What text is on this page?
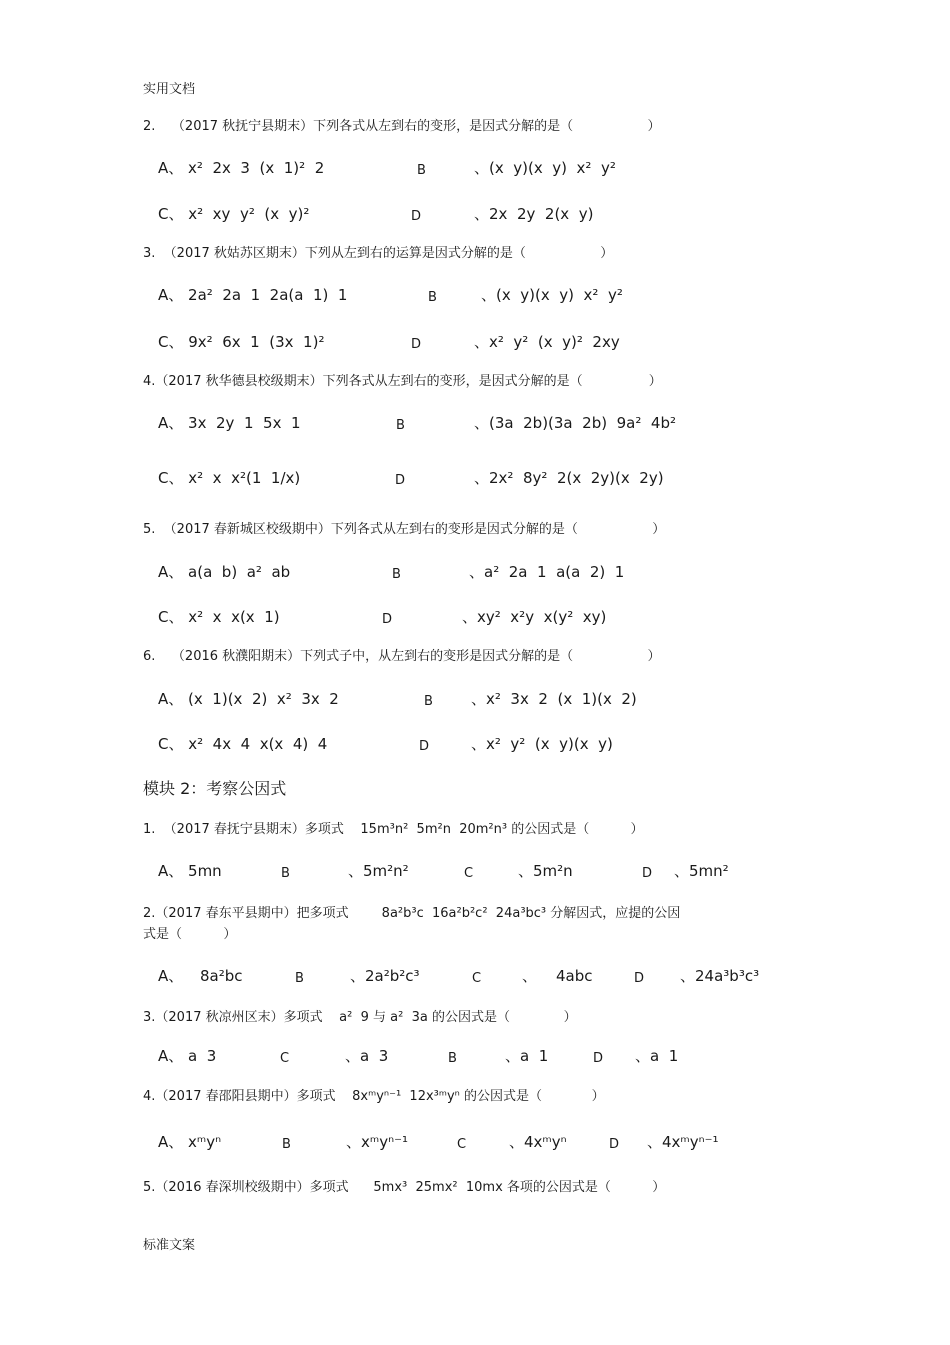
实用文档
2.    （2017 秋抚宁县期末）下列各式从左到右的变形，是因式分解的是（                  ）
A、 x²  2x  3  (x  1)²  2	B	、(x  y)(x  y)  x²  y²
C、 x²  xy  y²  (x  y)²	D	、2x  2y  2(x  y)
3.  （2017 秋姑苏区期末）下列从左到右的运算是因式分解的是（                  ）
A、 2a²  2a  1  2a(a  1)  1	B	、(x  y)(x  y)  x²  y²
C、 9x²  6x  1  (3x  1)²	D	、x²  y²  (x  y)²  2xy
4.（2017 秋华德县校级期末）下列各式从左到右的变形，是因式分解的是（                ）
A、 3x  2y  1  5x  1	B	、(3a  2b)(3a  2b)  9a²  4b²
C、 x²  x  x²(1  1/x)	D	、2x²  8y²  2(x  2y)(x  2y)
5.  （2017 春新城区校级期中）下列各式从左到右的变形是因式分解的是（                  ）
A、 a(a  b)  a²  ab	B	、a²  2a  1  a(a  2)  1
C、 x²  x  x(x  1)	D	、xy²  x²y  x(y²  xy)
6.    （2016 秋濮阳期末）下列式子中，从左到右的变形是因式分解的是（                  ）
A、 (x  1)(x  2)  x²  3x  2	B	、x²  3x  2  (x  1)(x  2)
C、 x²  4x  4  x(x  4)  4	D	、x²  y²  (x  y)(x  y)
模块 2：考察公因式
1.  （2017 春抚宁县期末）多项式    15m³n²  5m²n  20m²n³ 的公因式是（          ）
A、 5mn	B	、5m²n²	C	、5m²n	D 、5mn²
2.（2017 春东平县期中）把多项式        8a²b³c  16a²b²c²  24a³bc³ 分解因式，应提的公因
式是（          ）
A、 8a²bc	B	、2a²b²c³	C	、 4abc	D 、24a³b³c³
3.（2017 秋凉州区末）多项式    a²  9 与 a²  3a 的公因式是（             ）
A、 a  3	C	、a  3	B	、a  1	D 、a  1
4.（2017 春邵阳县期中）多项式    8xᵐyⁿ⁻¹  12x³ᵐyⁿ 的公因式是（            ）
A、 xᵐyⁿ	B	、xᵐyⁿ⁻¹	C	、4xᵐyⁿ	D 、4xᵐyⁿ⁻¹
5.（2016 春深圳校级期中）多项式      5mx³  25mx²  10mx 各项的公因式是（          ）
标准文案
